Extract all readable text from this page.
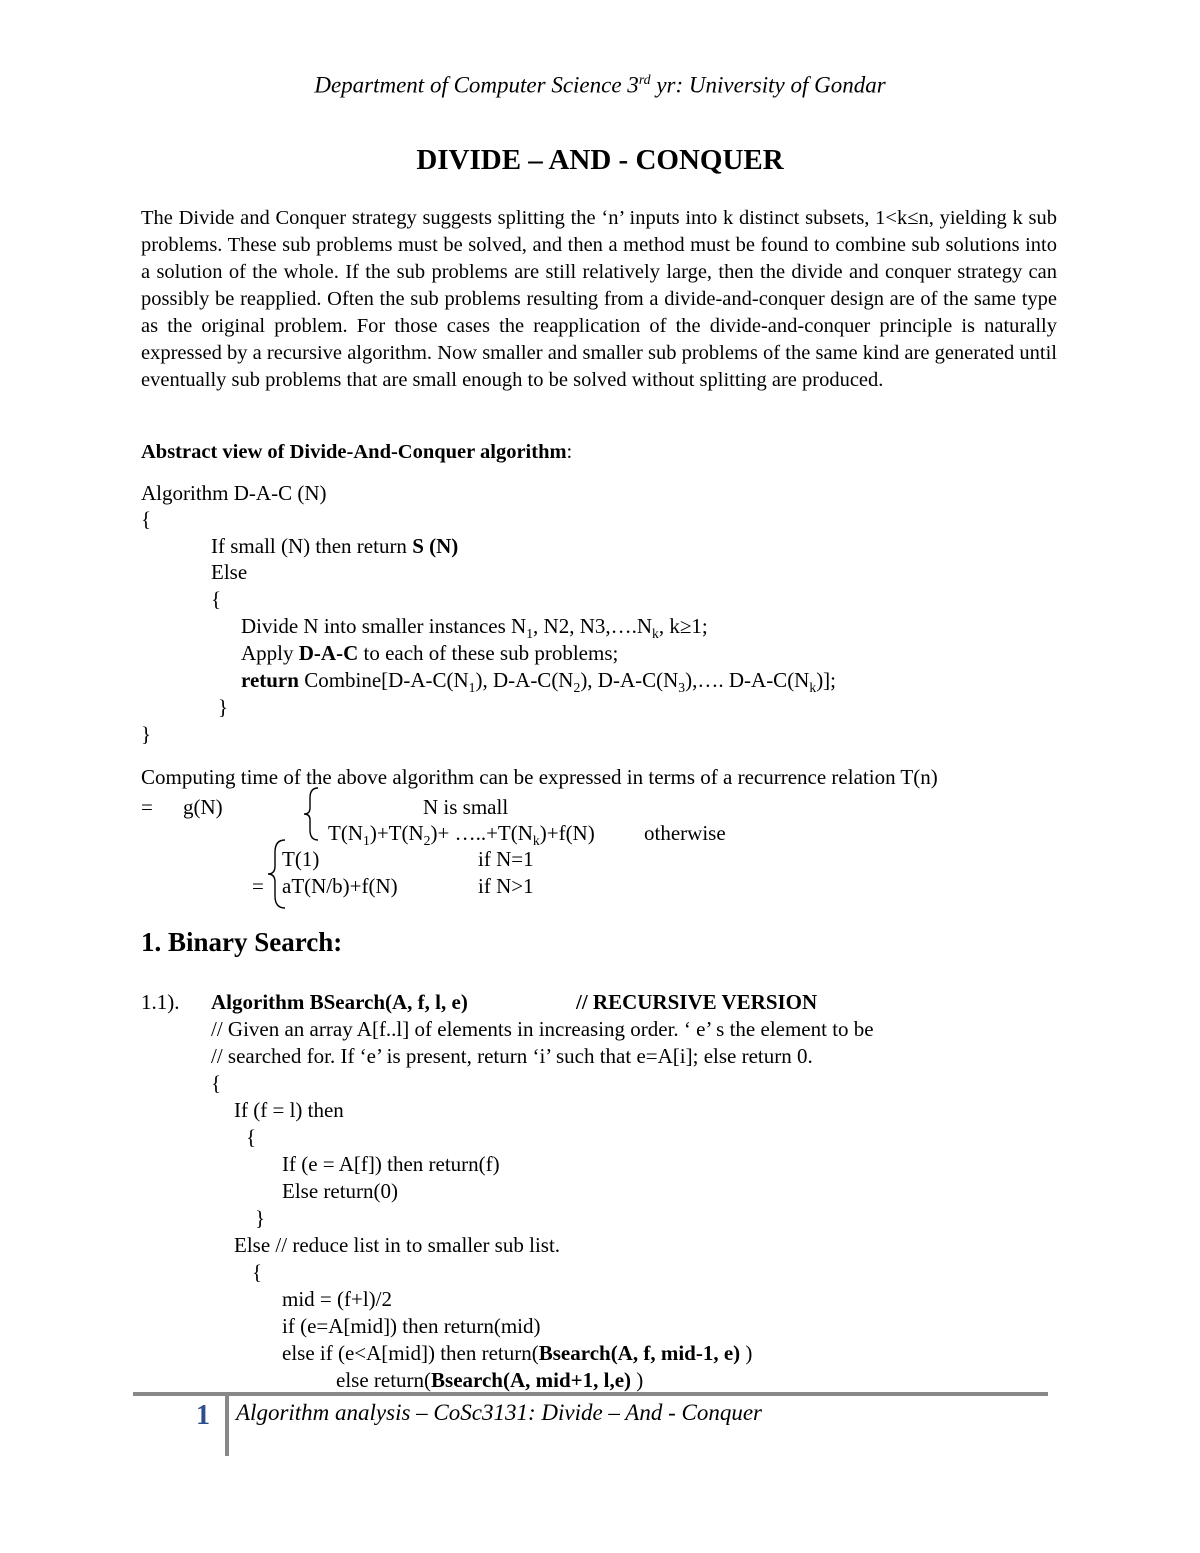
Department of Computer Science 3rd yr: University of Gondar
DIVIDE – AND - CONQUER
The Divide and Conquer strategy suggests splitting the ‘n’ inputs into k distinct subsets, 1<k≤n, yielding k sub problems. These sub problems must be solved, and then a method must be found to combine sub solutions into a solution of the whole. If the sub problems are still relatively large, then the divide and conquer strategy can possibly be reapplied. Often the sub problems resulting from a divide-and-conquer design are of the same type as the original problem. For those cases the reapplication of the divide-and-conquer principle is naturally expressed by a recursive algorithm. Now smaller and smaller sub problems of the same kind are generated until eventually sub problems that are small enough to be solved without splitting are produced.
Abstract view of Divide-And-Conquer algorithm:
Algorithm D-A-C (N)
{
If small (N) then return S (N)
Else
{
Divide N into smaller instances $N_1$, N2, $N3,\dots.N_k$, k≥1;
Apply D-A-C to each of these sub problems;
return $Combine[D-A-C(N_1)$, $D-A-C(N_2)$, $D-A-C(N_3),\dots$. $D-A-C(N_k)$];
}
}
Computing time of the above algorithm can be expressed in terms of a recurrence relation T(n)
= g(N)	N is small
$T(N_1)+T(N_2)+$ $\dots..+T(N_k)+f(N)$ otherwise
T(1)	if N=1
= aT(N/b)+f(N)	if N>1
1. Binary Search:
1.1). Algorithm BSearch(A, f, l, e)	// RECURSIVE VERSION
// Given an array A[f..l] of elements in increasing order. ‘ e’ s the element to be
// searched for. If ‘e’ is present, return ‘i’ such that e=A[i]; else return 0.
{
If (f = l) then
{
If (e = A[f]) then return(f)
Else return(0)
}
Else // reduce list in to smaller sub list.
{
mid = (f+l)/2
if (e=A[mid]) then return(mid)
else if (e<A[mid]) then return(Bsearch(A, f, mid-1, e) )
else return(Bsearch(A, mid+1, l,e) )
1 Algorithm analysis – CoSc3131: Divide – And - Conquer
